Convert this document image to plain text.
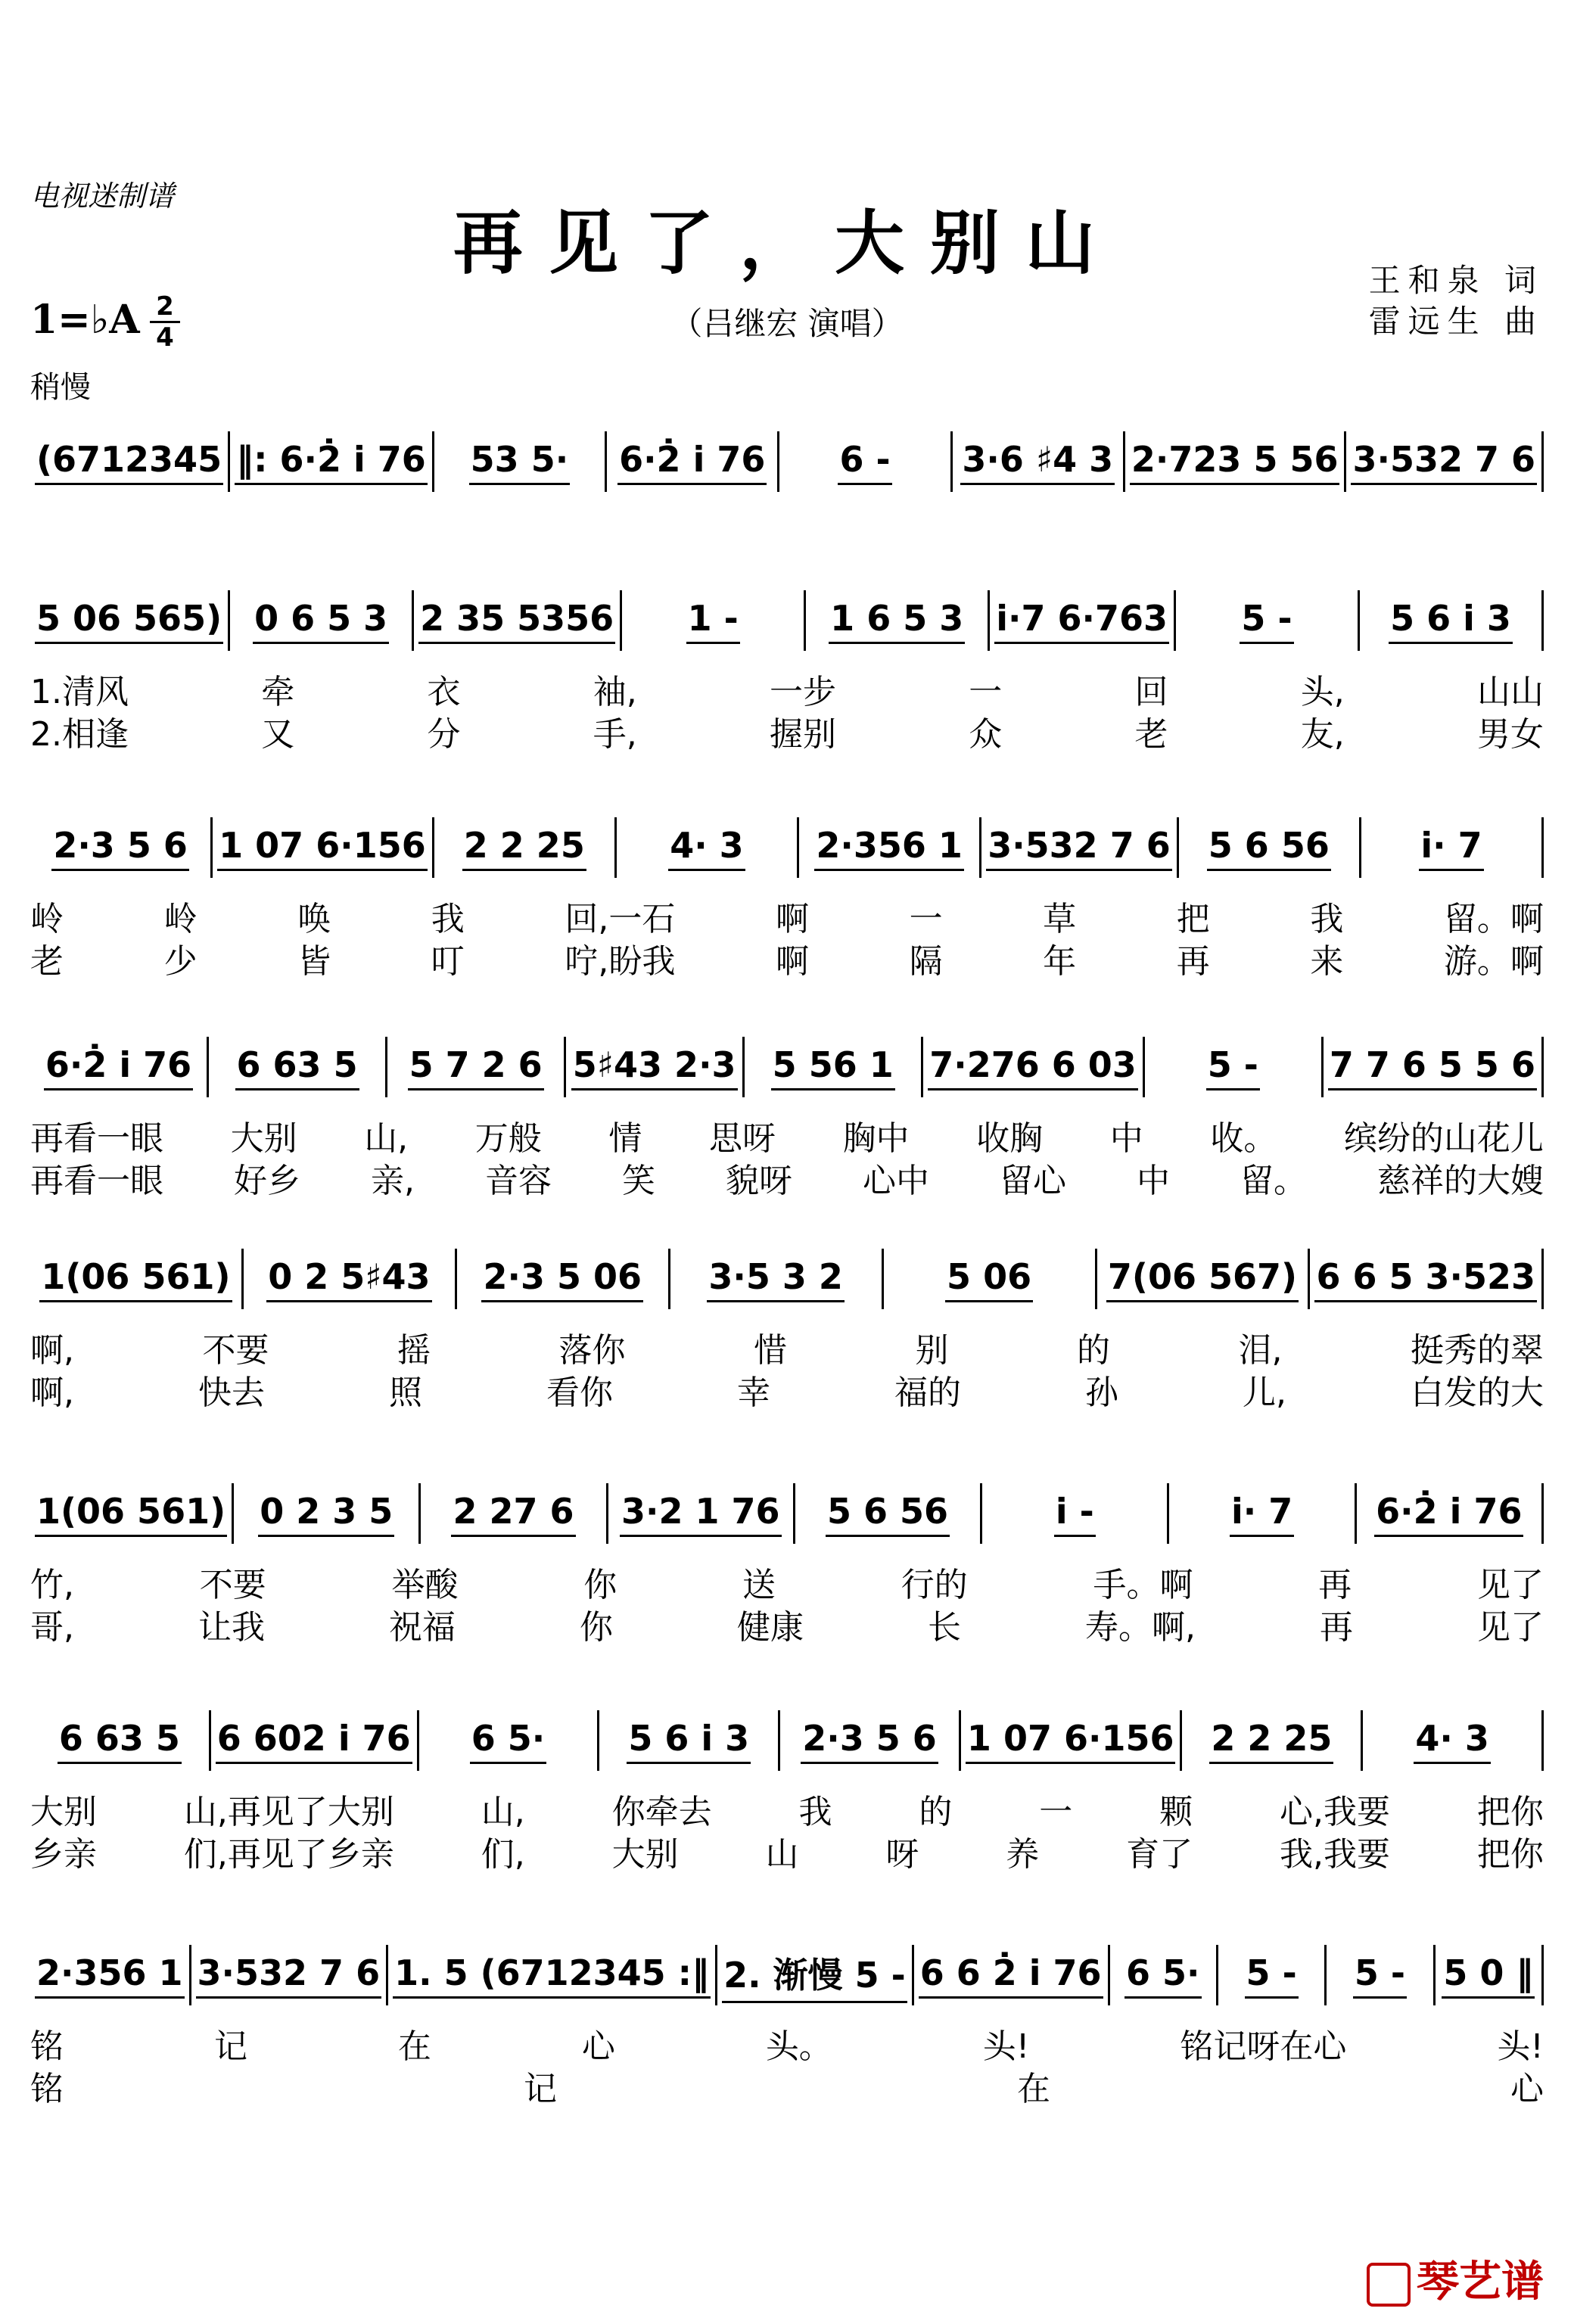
电视迷制谱
再见了，大别山
（吕继宏 演唱）
王和泉 词
雷远生 曲
1=♭A 2
4
稍慢
(6712345 ‖: 6·2̇ i̇ 76 53 5· 6·2̇ i̇ 76 6 - 3·6 ♯4 3 2·723 5 56 3·532 7 6
5 06 565) 0 6 5 3 2 35 5356 1 -	1 6 5 3 i̇·7 6·763 5 -	5 6 i̇ 3
1.清风	牵	衣	袖,	一步	一	回	头,	山山
2.相逢	又	分	手,	握别	众	老	友,	男女
2·3 5 6 1 07 6·156 2 2 25 4· 3 2·356 1 3·532 7 6 5 6 56	i̇· 7
岭	岭	唤	我	回,一石	啊	一	草	把	我	留。啊
老	少	皆	叮	咛,盼我	啊	隔	年	再	来	游。啊
6·2̇ i̇ 76 6 63 5 5 7 2 6 5♯43 2·3 5 56 1 7·276 6 03 5 - 7 7 6 5 5 6
再看一眼 大别 山, 万般 情 思呀 胸中 收胸 中 收。 缤纷的山花儿
再看一眼 好乡 亲, 音容 笑 貌呀 心中 留心 中 留。 慈祥的大嫂
1(06 561) 0 2 5♯43 2·3 5 06 3·5 3 2	5 06 7(06 567) 6 6 5 3·523
啊,	不要	摇	落你	惜	别	的	泪,	挺秀的翠
啊,	快去	照	看你	幸	福的	孙	儿,	白发的大
1(06 561) 0 2 3 5 2 27 6 3·2 1 76 5 6 56	i̇ -	i̇· 7 6·2̇ i̇ 76
竹,	不要	举酸	你	送	行的	手。啊	再	见了
哥,	让我	祝福	你	健康	长	寿。啊,	再	见了
6 63 5 6 602 i̇ 76 6 5· 5 6 i̇ 3 2·3 5 6 1 07 6·156 2 2 25 4· 3
大别	山,再见了大别	山,	你牵去	我	的	一	颗	心,我要	把你
乡亲	们,再见了乡亲	们,	大别	山	呀	养	育了	我,我要	把你
2·356 1 3·532 7 6 1. 5 (6712345 :‖ 2. 渐慢 5 - 6 6 2̇ i̇ 76 6 5· 5 - 5 - 5 0 ‖
铭	记	在	心	头。	头!	铭记呀在心	头!
铭	记	在	心
琴艺谱
